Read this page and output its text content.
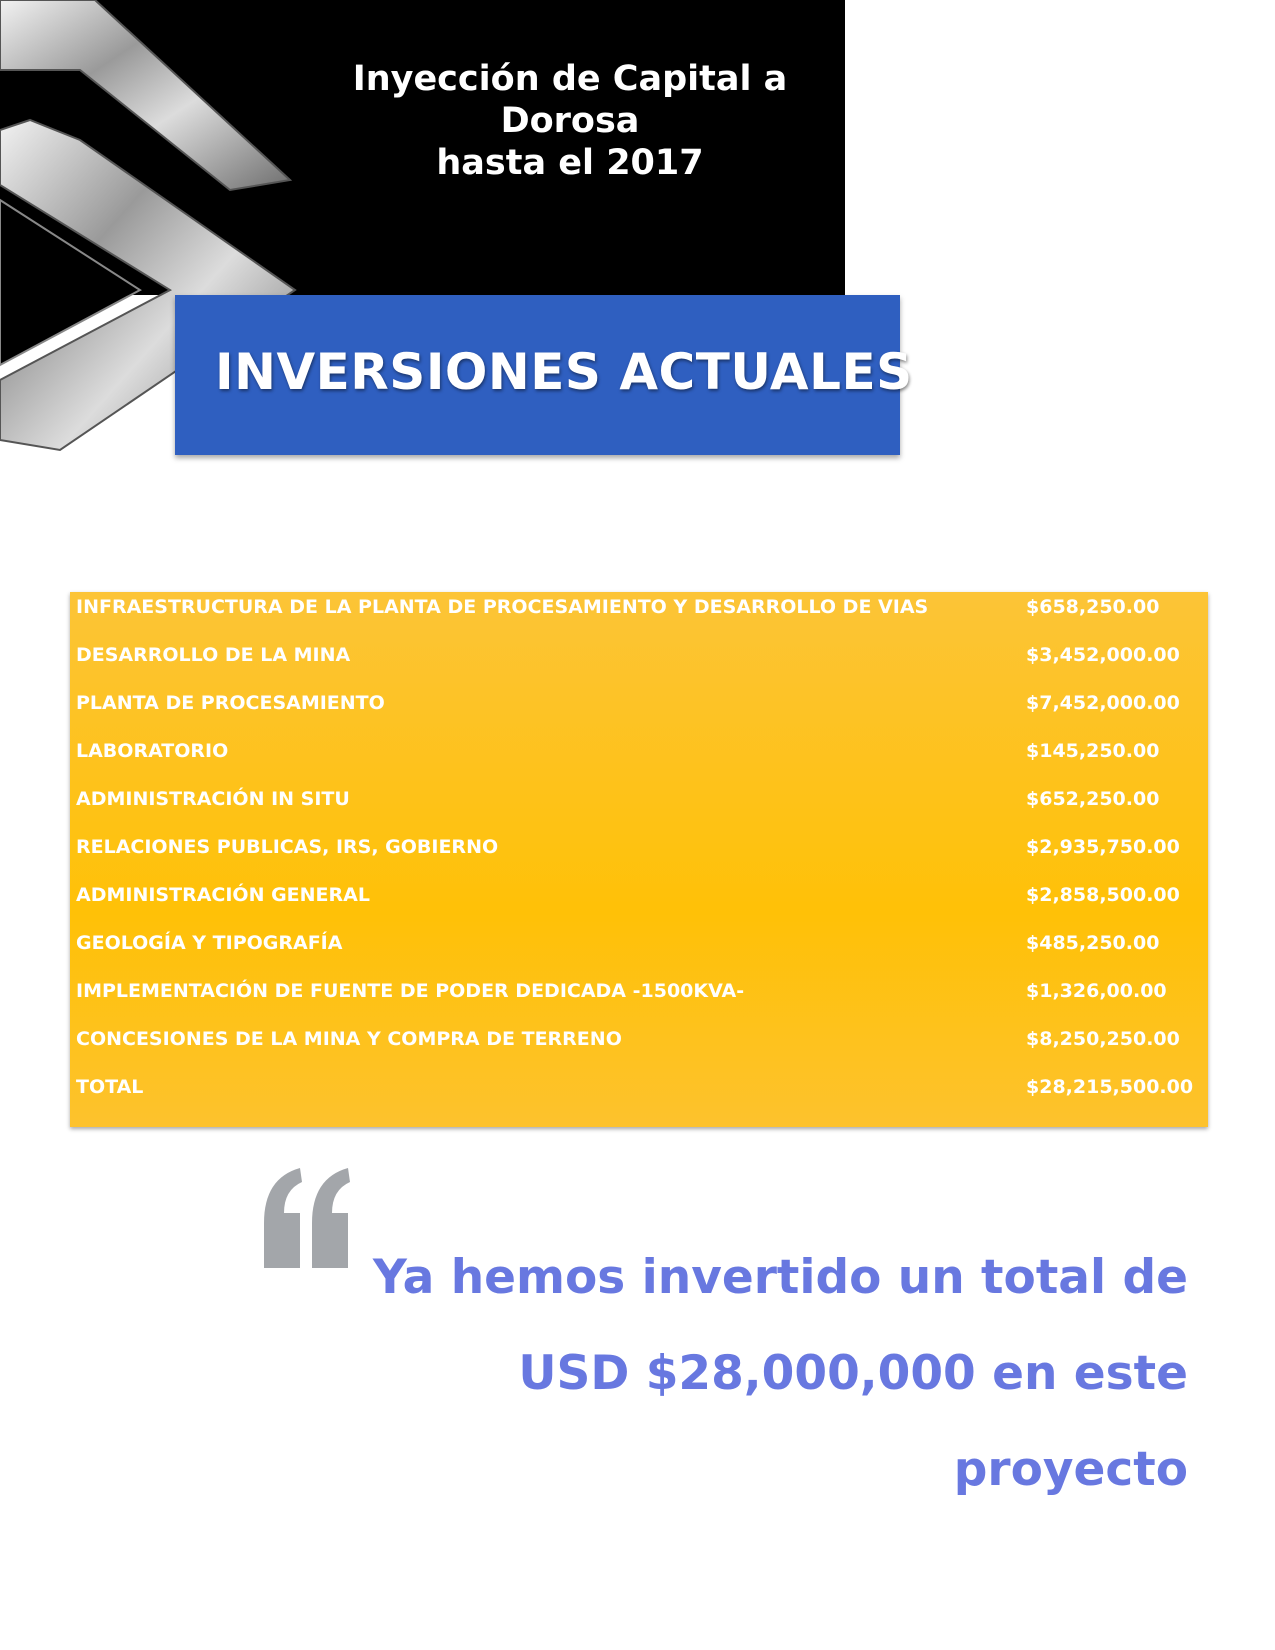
Inyección de Capital a
Dorosa
hasta el 2017
INVERSIONES ACTUALES
INFRAESTRUCTURA DE LA PLANTA DE PROCESAMIENTO Y DESARROLLO DE VIAS	$658,250.00
DESARROLLO DE LA MINA	$3,452,000.00
PLANTA DE PROCESAMIENTO	$7,452,000.00
LABORATORIO	$145,250.00
ADMINISTRACIÓN IN SITU	$652,250.00
RELACIONES PUBLICAS, IRS, GOBIERNO	$2,935,750.00
ADMINISTRACIÓN GENERAL	$2,858,500.00
GEOLOGÍA Y TIPOGRAFÍA	$485,250.00
IMPLEMENTACIÓN DE FUENTE DE PODER DEDICADA -1500KVA-	$1,326,00.00
CONCESIONES DE LA MINA Y COMPRA DE TERRENO	$8,250,250.00
TOTAL	$28,215,500.00
Ya hemos invertido un total de
USD $28,000,000 en este
proyecto
